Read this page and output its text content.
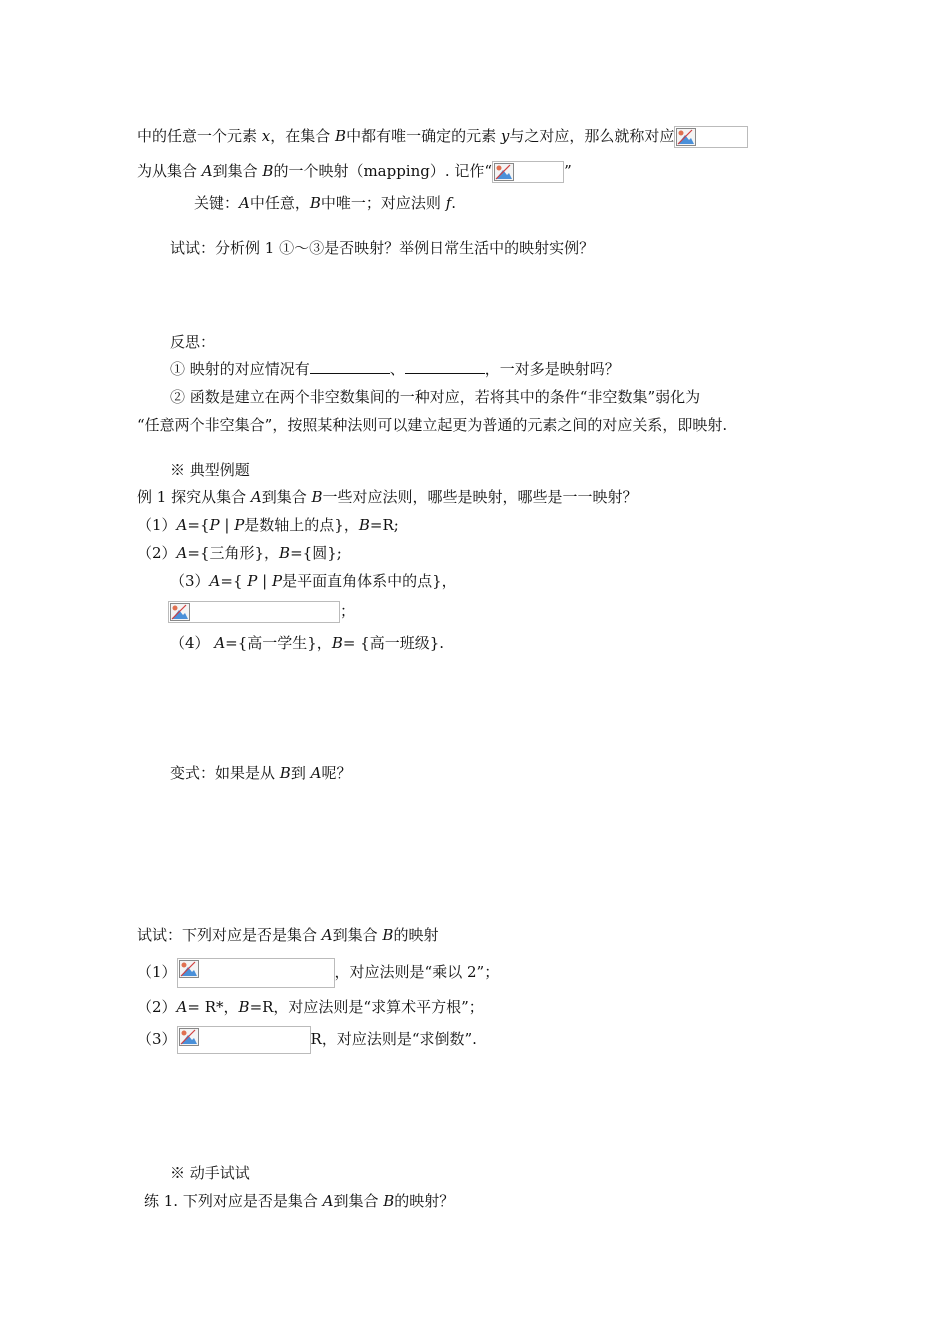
中的任意一个元素 x，在集合 B中都有唯一确定的元素 y与之对应，那么就称对应
为从集合 A到集合 B的一个映射（mapping）. 记作“	”
关键：A中任意，B中唯一；对应法则 f.
试试：分析例 1 ①～③是否映射？举例日常生活中的映射实例？
反思：
① 映射的对应情况有	、	，一对多是映射吗？
② 函数是建立在两个非空数集间的一种对应，若将其中的条件“非空数集”弱化为
“任意两个非空集合”，按照某种法则可以建立起更为普通的元素之间的对应关系，即映射.
※ 典型例题
例 1 探究从集合 A到集合 B一些对应法则，哪些是映射，哪些是一一映射？
（1）A={P | P是数轴上的点}，B=R;
（2）A={三角形}，B={圆};
（3）A={ P | P是平面直角体系中的点}，
；
（4） A={高一学生}，B= {高一班级}.
变式：如果是从 B到 A呢？
试试：下列对应是否是集合 A到集合 B的映射
（1）	，对应法则是“乘以 2”；
（2）A= R*，B=R，对应法则是“求算术平方根”；
（3）	R，对应法则是“求倒数”.
※ 动手试试
练 1. 下列对应是否是集合 A到集合 B的映射？
